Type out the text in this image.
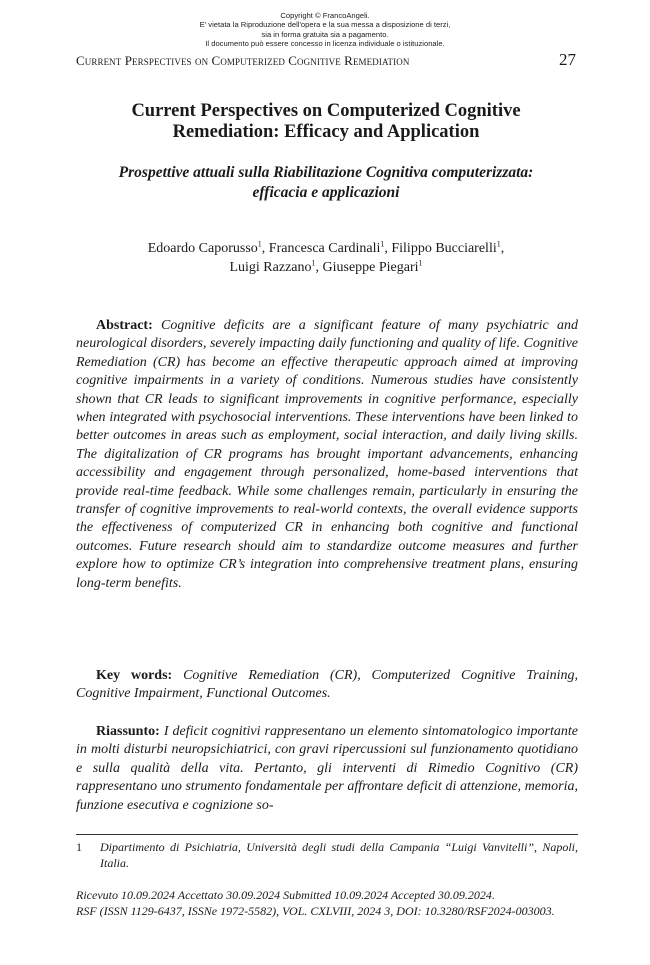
Copyright © FrancoAngeli.
E' vietata la Riproduzione dell'opera e la sua messa a disposizione di terzi,
sia in forma gratuita sia a pagamento.
Il documento può essere concesso in licenza individuale o istituzionale.
Current Perspectives on Computerized Cognitive Remediation	27
Current Perspectives on Computerized Cognitive
Remediation: Efficacy and Application
Prospettive attuali sulla Riabilitazione Cognitiva computerizzata:
efficacia e applicazioni
Edoardo Caporusso$^1$, Francesca Cardinali$^1$, Filippo Bucciarelli$^1$,
Luigi Razzano$^1$, Giuseppe Piegari$^1$

Abstract: Cognitive deficits are a significant feature of many psychiatric and neurological disorders, severely impacting daily functioning and quality of life. Cognitive Remediation (CR) has become an effective therapeutic approach aimed at improving cognitive impairments in a variety of conditions. Numerous studies have consistently shown that CR leads to significant improvements in cognitive performance, especially when integrated with psychosocial interventions. These interventions have been linked to better outcomes in areas such as employment, social interaction, and daily living skills. The digitalization of CR programs has brought important advancements, enhancing accessibility and engagement through personalized, home-based interventions that provide real-time feedback. While some challenges remain, particularly in ensuring the transfer of cognitive improvements to real-world contexts, the overall evidence supports the effectiveness of computerized CR in enhancing both cognitive and functional outcomes. Future research should aim to standardize outcome measures and further explore how to optimize CR’s integration into comprehensive treatment plans, ensuring long-term benefits.

Key words: Cognitive Remediation (CR), Computerized Cognitive Training, Cognitive Impairment, Functional Outcomes.

Riassunto: I deficit cognitivi rappresentano un elemento sintomatologico importante in molti disturbi neuropsichiatrici, con gravi ripercussioni sul funzionamento quotidiano e sulla qualità della vita. Pertanto, gli interventi di Rimedio Cognitivo (CR) rappresentano uno strumento fondamentale per affrontare deficit di attenzione, memoria, funzione esecutiva e cognizione so-

1	Dipartimento di Psichiatria, Università degli studi della Campania “Luigi Vanvitelli”, Napoli, Italia.
Ricevuto 10.09.2024 Accettato 30.09.2024 Submitted 10.09.2024 Accepted 30.09.2024.
RSF (ISSN 1129-6437, ISSNe 1972-5582), VOL. CXLVIII, 2024 3, DOI: 10.3280/RSF2024-003003.
